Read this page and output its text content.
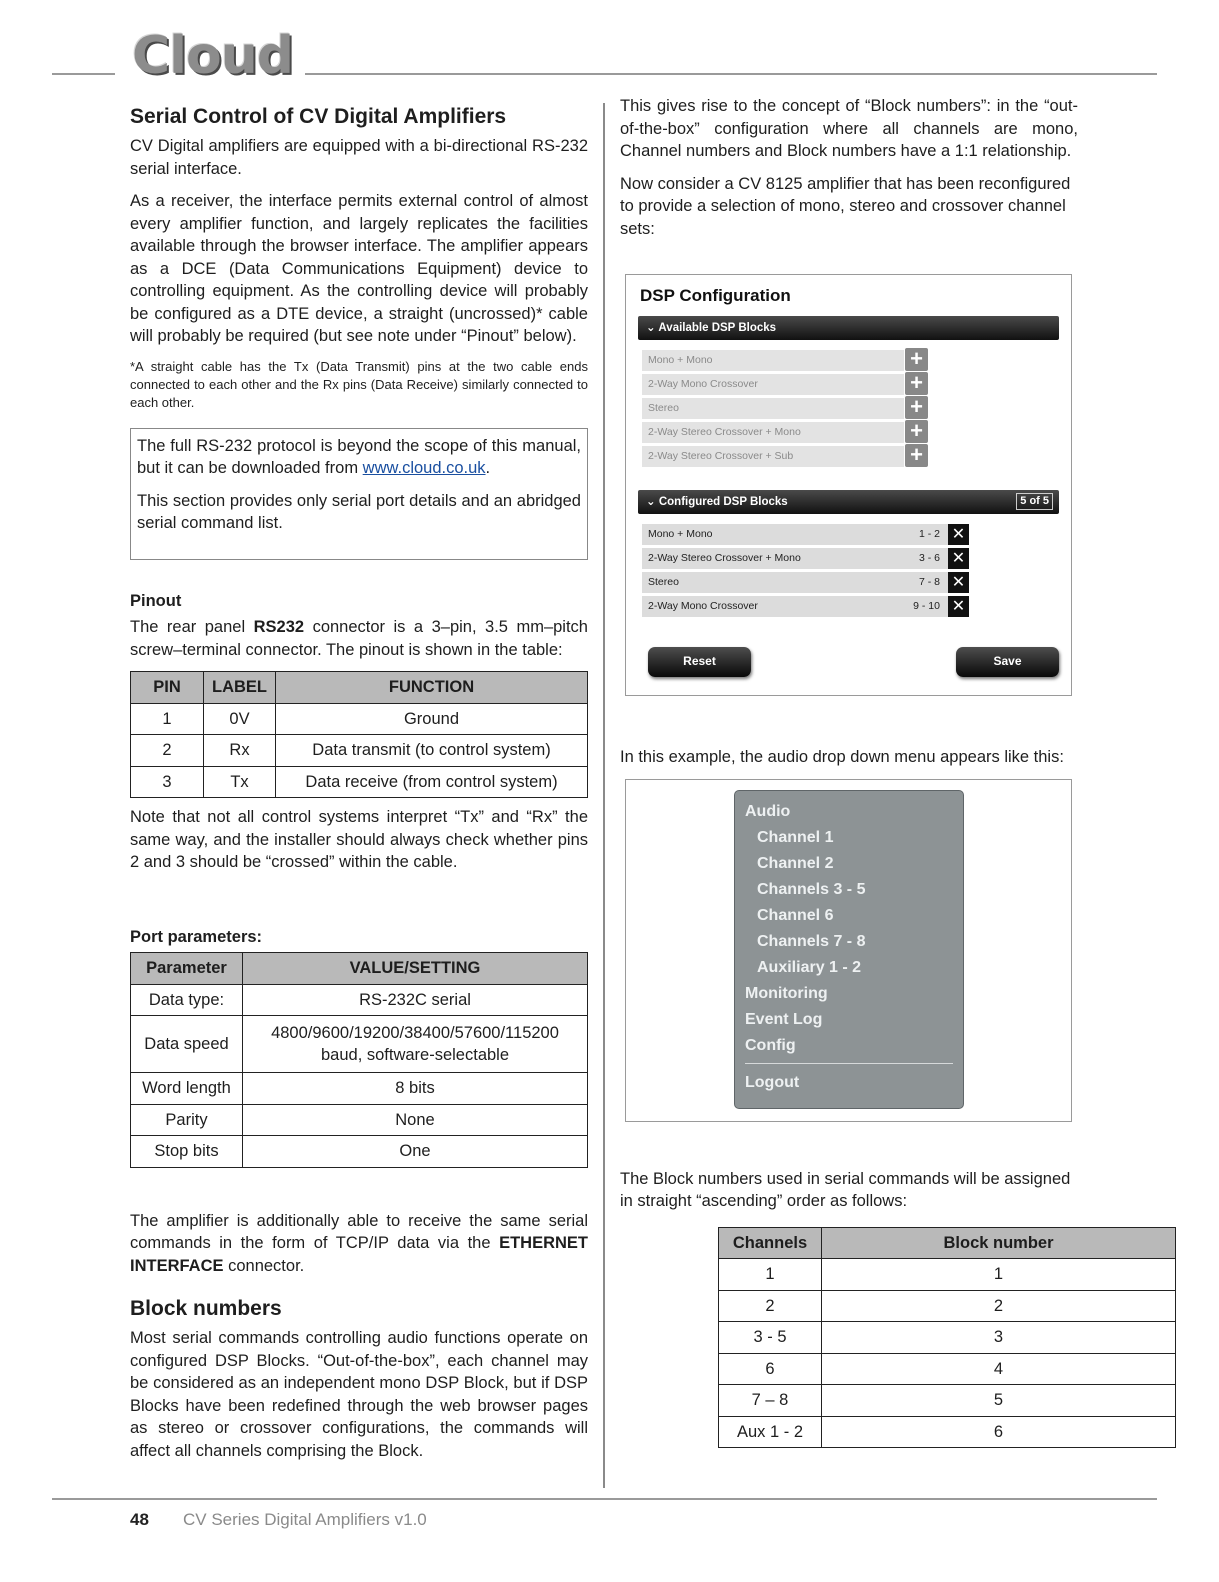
Cloud
Serial Control of CV Digital Amplifiers

CV Digital amplifiers are equipped with a bi-directional RS-232 serial interface.

As a receiver, the interface permits external control of almost every amplifier function, and largely replicates the facilities available through the browser interface. The amplifier appears as a DCE (Data Communications Equipment) device to controlling equipment. As the controlling device will probably be configured as a DTE device, a straight (uncrossed)* cable will probably be required (but see note under “Pinout” below).

*A straight cable has the Tx (Data Transmit) pins at the two cable ends connected to each other and the Rx pins (Data Receive) similarly connected to each other.

The full RS-232 protocol is beyond the scope of this manual, but it can be downloaded from www.cloud.co.uk.

This section provides only serial port details and an abridged serial command list.

Pinout

The rear panel RS232 connector is a 3–pin, 3.5 mm–pitch screw–terminal connector. The pinout is shown in the table:

PIN	LABEL	FUNCTION
1	0V	Ground
2	Rx	Data transmit (to control system)
3	Tx	Data receive (from control system)

Note that not all control systems interpret “Tx” and “Rx” the same way, and the installer should always check whether pins 2 and 3 should be “crossed” within the cable.

Port parameters:
Parameter	VALUE/SETTING
Data type:	RS-232C serial
Data speed	4800/9600/19200/38400/57600/115200 baud, software-selectable
Word length	8 bits
Parity	None
Stop bits	One

The amplifier is additionally able to receive the same serial commands in the form of TCP/IP data via the ETHERNET INTERFACE connector.

Block numbers

Most serial commands controlling audio functions operate on configured DSP Blocks. “Out-of-the-box”, each channel may be considered as an independent mono DSP Block, but if DSP Blocks have been redefined through the web browser pages as stereo or crossover configurations, the commands will affect all channels comprising the Block.

This gives rise to the concept of “Block numbers”: in the “out-of-the-box” configuration where all channels are mono, Channel numbers and Block numbers have a 1:1 relationship.

Now consider a CV 8125 amplifier that has been reconfigured to provide a selection of mono, stereo and crossover channel sets:

DSP Configuration
⌄ Available DSP Blocks
Mono + Mono	+
2-Way Mono Crossover	+
Stereo	+
2-Way Stereo Crossover + Mono	+
2-Way Stereo Crossover + Sub	+
⌄ Configured DSP Blocks	5 of 5
Mono + Mono	1 - 2 ✕
2-Way Stereo Crossover + Mono	3 - 6 ✕
Stereo	7 - 8 ✕
2-Way Mono Crossover	9 - 10 ✕
Reset	Save

In this example, the audio drop down menu appears like this:

Audio
Channel 1
Channel 2
Channels 3 - 5
Channel 6
Channels 7 - 8
Auxiliary 1 - 2
Monitoring
Event Log
Config
Logout

The Block numbers used in serial commands will be assigned in straight “ascending” order as follows:

Channels	Block number
1	1
2	2
3 - 5	3
6	4
7 – 8	5
Aux 1 - 2	6
48 CV Series Digital Amplifiers v1.0
